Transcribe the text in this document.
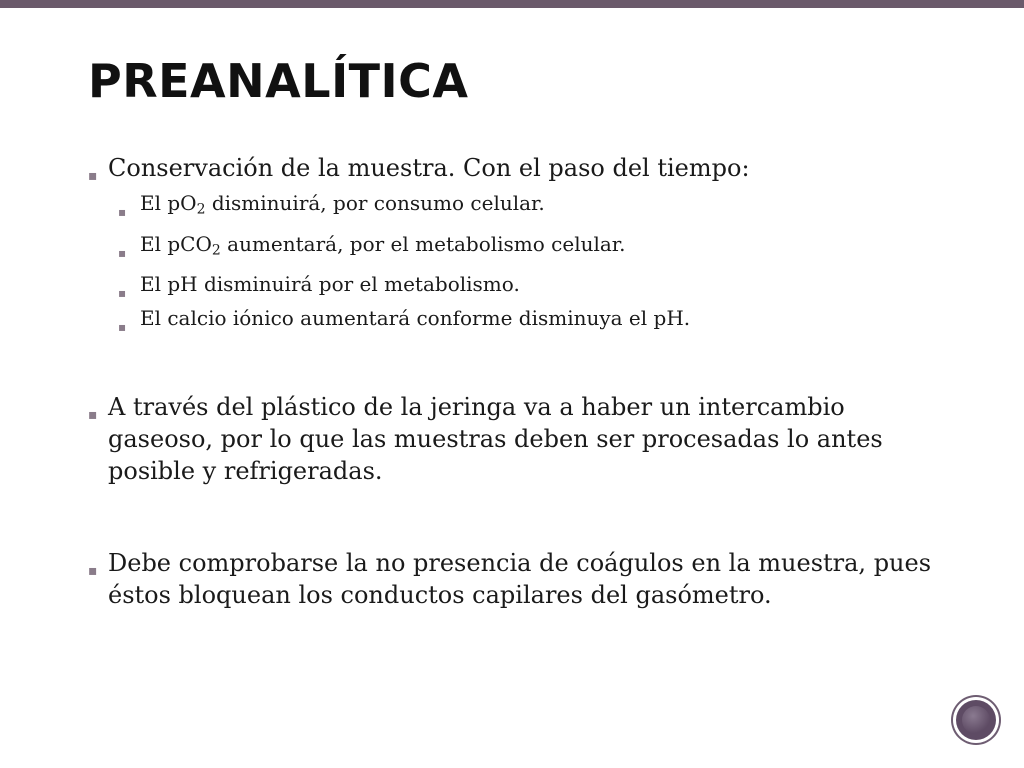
PREANALÍTICA
▪ Conservación de la muestra. Con el paso del tiempo:
▪ El $pO_2$ disminuirá, por consumo celular.
▪ El pCO$_2$ aumentará, por el metabolismo celular.
▪ El pH disminuirá por el metabolismo.
▪ El calcio iónico aumentará conforme disminuya el pH.
▪ A través del plástico de la jeringa va a haber un intercambio gaseoso, por lo que las muestras deben ser procesadas lo antes posible y refrigeradas.
▪ Debe comprobarse la no presencia de coágulos en la muestra, pues éstos bloquean los conductos capilares del gasómetro.
